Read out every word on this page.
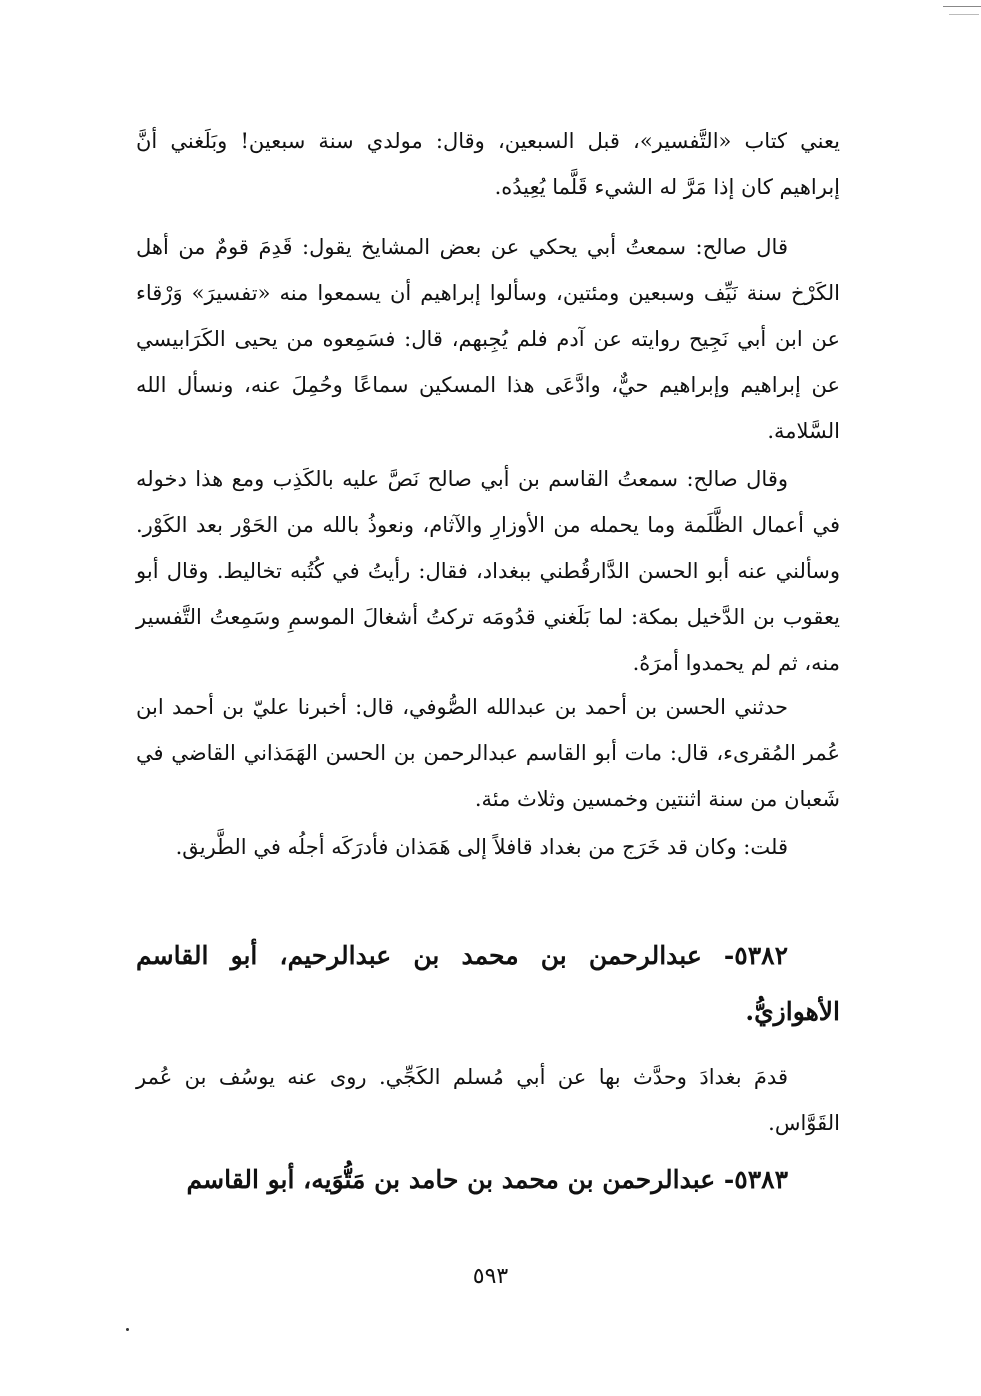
يعني كتاب «التَّفسير»، قبل السبعين، وقال: مولدي سنة سبعين! وبَلَغني أنَّ إبراهيم كان إذا مَرَّ له الشيء قَلَّما يُعِيدُه.

قال صالح: سمعتُ أبي يحكي عن بعض المشايخ يقول: قَدِمَ قومٌ من أهل الكَرْخ سنة نَيِّف وسبعين ومئتين، وسألوا إبراهيم أن يسمعوا منه «تفسيرَ» وَرْقاء عن ابن أبي نَجِيح روايته عن آدم فلم يُجِبهم، قال: فسَمِعوه من يحيى الكَرَابيسي عن إبراهيم وإبراهيم حيٌّ، وادَّعَى هذا المسكين سماعًا وحُمِلَ عنه، ونسأل الله السَّلامة.

وقال صالح: سمعتُ القاسم بن أبي صالح نَصَّ عليه بالكَذِب ومع هذا دخوله في أعمال الظَّلَمة وما يحمله من الأوزارِ والآثام، ونعوذُ بالله من الحَوْر بعد الكَوْر. وسألني عنه أبو الحسن الدَّارقُطني ببغداد، فقال: رأيتُ في كُتُبه تخاليط. وقال أبو يعقوب بن الدَّخيل بمكة: لما بَلَغني قدُومَه تركتُ أشغالَ الموسمِ وسَمِعتُ التَّفسير منه، ثم لم يحمدوا أمرَهُ.

حدثني الحسن بن أحمد بن عبدالله الصُّوفي، قال: أخبرنا عليّ بن أحمد ابن عُمر المُقرىء، قال: مات أبو القاسم عبدالرحمن بن الحسن الهَمَذاني القاضي في شَعبان من سنة اثنتين وخمسين وثلاث مئة.

قلت: وكان قد خَرَج من بغداد قافلاً إلى هَمَذان فأدرَكَه أجلُه في الطَّريق.

٥٣٨٢- عبدالرحمن بن محمد بن عبدالرحيم، أبو القاسم الأهوازيُّ.

قدمَ بغدادَ وحدَّث بها عن أبي مُسلم الكَجِّي. روى عنه يوسُف بن عُمر القَوَّاس.

٥٣٨٣- عبدالرحمن بن محمد بن حامد بن مَتُّوَيه، أبو القاسم

٥٩٣
